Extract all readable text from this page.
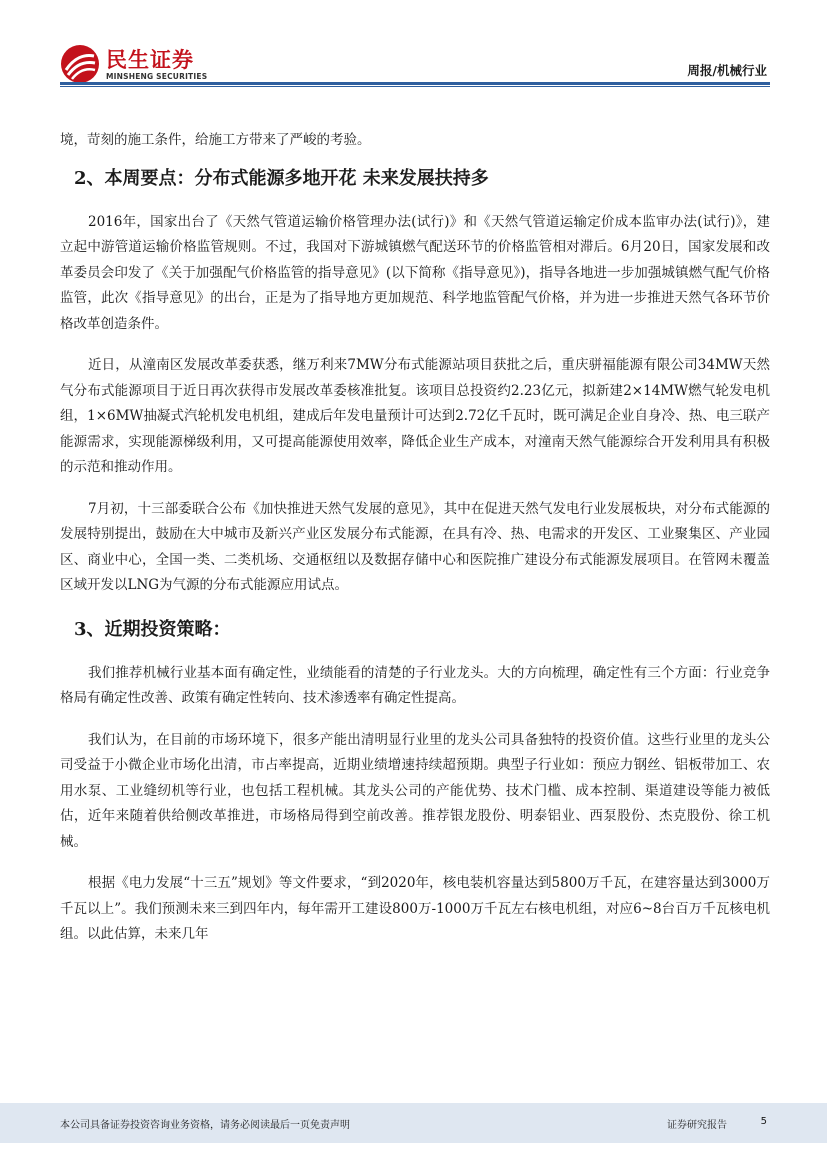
民生证券
MINSHENG SECURITIES	周报/机械行业

境，苛刻的施工条件，给施工方带来了严峻的考验。

2、本周要点：分布式能源多地开花 未来发展扶持多

2016年，国家出台了《天然气管道运输价格管理办法(试行)》和《天然气管道运输定价成本监审办法(试行)》，建立起中游管道运输价格监管规则。不过，我国对下游城镇燃气配送环节的价格监管相对滞后。6月20日，国家发展和改革委员会印发了《关于加强配气价格监管的指导意见》(以下简称《指导意见》)，指导各地进一步加强城镇燃气配气价格监管，此次《指导意见》的出台，正是为了指导地方更加规范、科学地监管配气价格，并为进一步推进天然气各环节价格改革创造条件。

近日，从潼南区发展改革委获悉，继万利来7MW分布式能源站项目获批之后，重庆骈福能源有限公司34MW天然气分布式能源项目于近日再次获得市发展改革委核准批复。该项目总投资约2.23亿元，拟新建2×14MW燃气轮发电机组，1×6MW抽凝式汽轮机发电机组，建成后年发电量预计可达到2.72亿千瓦时，既可满足企业自身冷、热、电三联产能源需求，实现能源梯级利用，又可提高能源使用效率，降低企业生产成本，对潼南天然气能源综合开发利用具有积极的示范和推动作用。

7月初，十三部委联合公布《加快推进天然气发展的意见》，其中在促进天然气发电行业发展板块，对分布式能源的发展特别提出，鼓励在大中城市及新兴产业区发展分布式能源，在具有冷、热、电需求的开发区、工业聚集区、产业园区、商业中心，全国一类、二类机场、交通枢纽以及数据存储中心和医院推广建设分布式能源发展项目。在管网未覆盖区域开发以LNG为气源的分布式能源应用试点。

3、近期投资策略：

我们推荐机械行业基本面有确定性，业绩能看的清楚的子行业龙头。大的方向梳理，确定性有三个方面：行业竞争格局有确定性改善、政策有确定性转向、技术渗透率有确定性提高。

我们认为，在目前的市场环境下，很多产能出清明显行业里的龙头公司具备独特的投资价值。这些行业里的龙头公司受益于小微企业市场化出清，市占率提高，近期业绩增速持续超预期。典型子行业如：预应力钢丝、铝板带加工、农用水泵、工业缝纫机等行业，也包括工程机械。其龙头公司的产能优势、技术门槛、成本控制、渠道建设等能力被低估，近年来随着供给侧改革推进，市场格局得到空前改善。推荐银龙股份、明泰铝业、西泵股份、杰克股份、徐工机械。

根据《电力发展“十三五”规划》等文件要求，“到2020年，核电装机容量达到5800万千瓦，在建容量达到3000万千瓦以上”。我们预测未来三到四年内，每年需开工建设800万-1000万千瓦左右核电机组，对应6~8台百万千瓦核电机组。以此估算，未来几年

本公司具备证券投资咨询业务资格，请务必阅读最后一页免责声明	证券研究报告	5
